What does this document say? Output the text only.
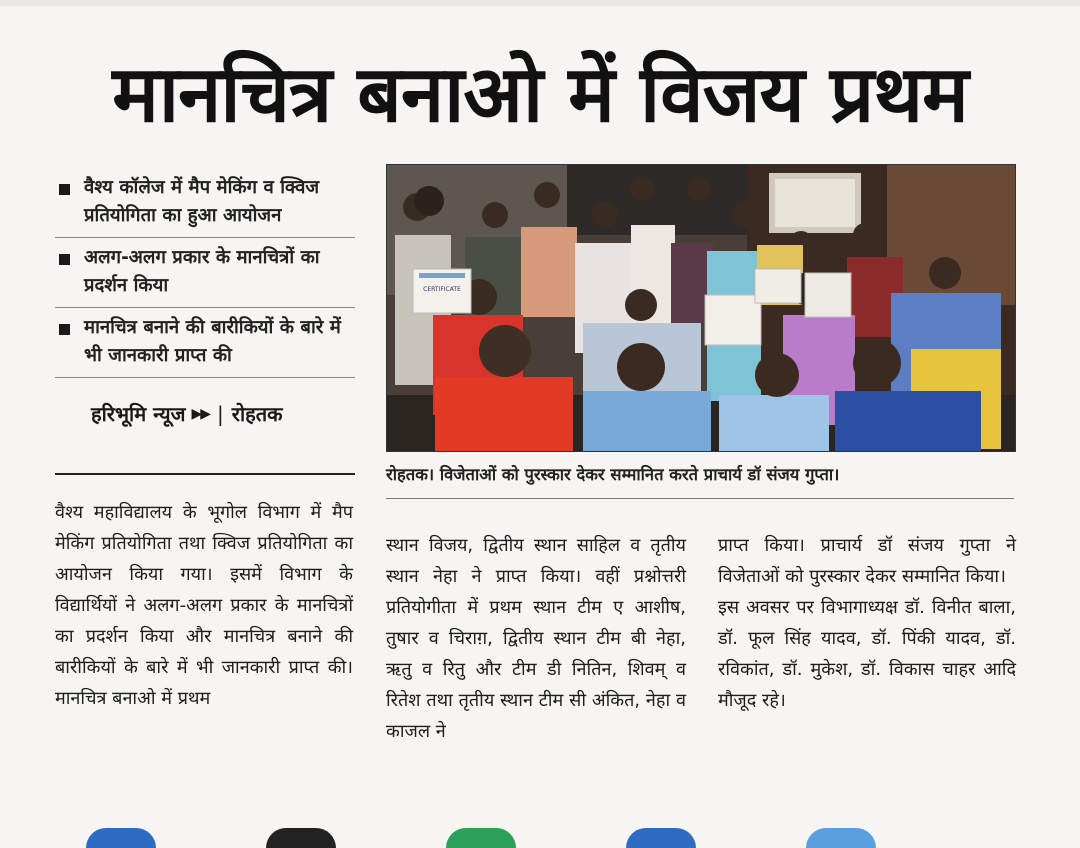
मानचित्र बनाओ में विजय प्रथम
वैश्य कॉलेज में मैप मेकिंग व क्विज प्रतियोगिता का हुआ आयोजन
अलग-अलग प्रकार के मानचित्रों का प्रदर्शन किया
मानचित्र बनाने की बारीकियों के बारे में भी जानकारी प्राप्त की
हरिभूमि न्यूज ▶▶ | रोहतक
CERTIFICATE
रोहतक। विजेताओं को पुरस्कार देकर सम्मानित करते प्राचार्य डॉ संजय गुप्ता।

वैश्य महाविद्यालय के भूगोल विभाग में मैप मेकिंग प्रतियोगिता तथा क्विज प्रतियोगिता का आयोजन किया गया। इसमें विभाग के विद्यार्थियों ने अलग-अलग प्रकार के मानचित्रों का प्रदर्शन किया और मानचित्र बनाने की बारीकियों के बारे में भी जानकारी प्राप्त की। मानचित्र बनाओ में प्रथम

स्थान विजय, द्वितीय स्थान साहिल व तृतीय स्थान नेहा ने प्राप्त किया। वहीं प्रश्नोत्तरी प्रतियोगीता में प्रथम स्थान टीम ए आशीष, तुषार व चिराग़, द्वितीय स्थान टीम बी नेहा, ऋतु व रितु और टीम डी नितिन, शिवम् व रितेश तथा तृतीय स्थान टीम सी अंकित, नेहा व काजल ने

प्राप्त किया। प्राचार्य डॉ संजय गुप्ता ने विजेताओं को पुरस्कार देकर सम्मानित किया।

इस अवसर पर विभागाध्यक्ष डॉ. विनीत बाला, डॉ. फूल सिंह यादव, डॉ. पिंकी यादव, डॉ. रविकांत, डॉ. मुकेश, डॉ. विकास चाहर आदि मौजूद रहे।
